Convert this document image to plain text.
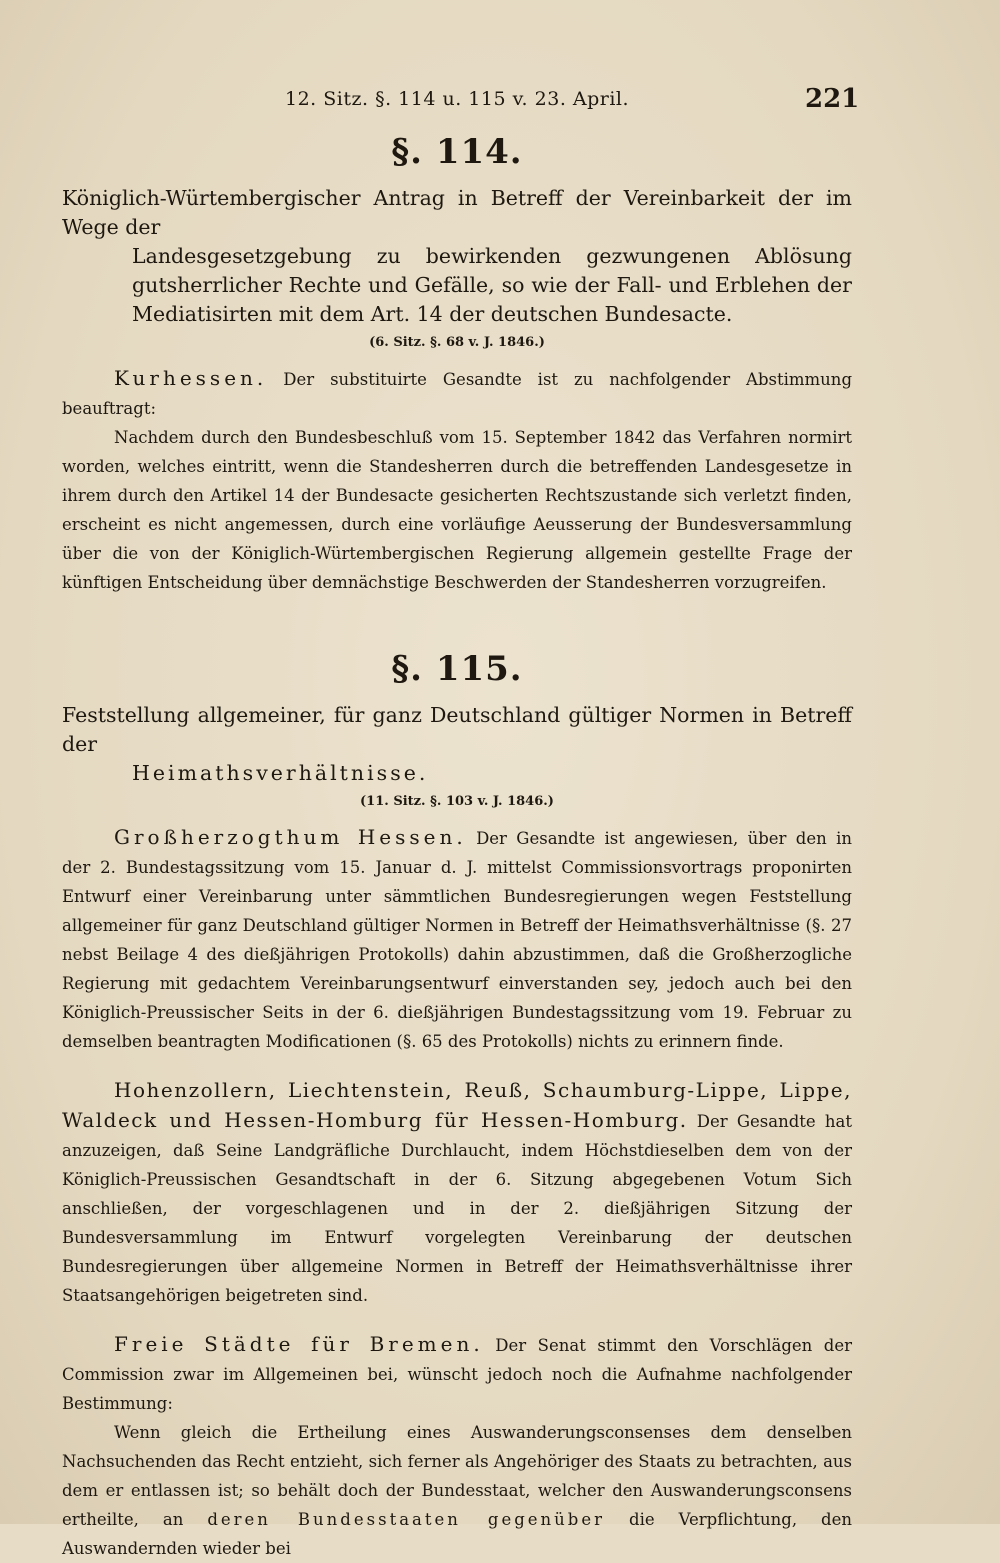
12. Sitz. §. 114 u. 115 v. 23. April.	221
§. 114.

Königlich-Würtembergischer Antrag in Betreff der Vereinbarkeit der im Wege der
Landesgesetzgebung zu bewirkenden gezwungenen Ablösung gutsherrlicher Rechte und Gefälle, so wie der Fall- und Erblehen der Mediatisirten mit dem Art. 14 der deutschen Bundesacte.

(6. Sitz. §. 68 v. J. 1846.)

Kurhessen. Der substituirte Gesandte ist zu nachfolgender Abstimmung beauftragt:

Nachdem durch den Bundesbeschluß vom 15. September 1842 das Verfahren normirt worden, welches eintritt, wenn die Standesherren durch die betreffenden Landesgesetze in ihrem durch den Artikel 14 der Bundesacte gesicherten Rechtszustande sich verletzt finden, erscheint es nicht angemessen, durch eine vorläufige Aeusserung der Bundesversammlung über die von der Königlich-Würtembergischen Regierung allgemein gestellte Frage der künftigen Entscheidung über demnächstige Beschwerden der Standesherren vorzugreifen.

§. 115.

Feststellung allgemeiner, für ganz Deutschland gültiger Normen in Betreff der
Heimathsverhältnisse.

(11. Sitz. §. 103 v. J. 1846.)

Großherzogthum Hessen. Der Gesandte ist angewiesen, über den in der 2. Bundestagssitzung vom 15. Januar d. J. mittelst Commissionsvortrags proponirten Entwurf einer Vereinbarung unter sämmtlichen Bundesregierungen wegen Feststellung allgemeiner für ganz Deutschland gültiger Normen in Betreff der Heimathsverhältnisse (§. 27 nebst Beilage 4 des dießjährigen Protokolls) dahin abzustimmen, daß die Großherzogliche Regierung mit gedachtem Vereinbarungsentwurf einverstanden sey, jedoch auch bei den Königlich-Preussischer Seits in der 6. dießjährigen Bundestagssitzung vom 19. Februar zu demselben beantragten Modificationen (§. 65 des Protokolls) nichts zu erinnern finde.

Hohenzollern, Liechtenstein, Reuß, Schaumburg-Lippe, Lippe, Waldeck und Hessen-Homburg für Hessen-Homburg. Der Gesandte hat anzuzeigen, daß Seine Landgräfliche Durchlaucht, indem Höchstdieselben dem von der Königlich-Preussischen Gesandtschaft in der 6. Sitzung abgegebenen Votum Sich anschließen, der vorgeschlagenen und in der 2. dießjährigen Sitzung der Bundesversammlung im Entwurf vorgelegten Vereinbarung der deutschen Bundesregierungen über allgemeine Normen in Betreff der Heimathsverhältnisse ihrer Staatsangehörigen beigetreten sind.

Freie Städte für Bremen. Der Senat stimmt den Vorschlägen der Commission zwar im Allgemeinen bei, wünscht jedoch noch die Aufnahme nachfolgender Bestimmung:

Wenn gleich die Ertheilung eines Auswanderungsconsenses dem denselben Nachsuchenden das Recht entzieht, sich ferner als Angehöriger des Staats zu betrachten, aus dem er entlassen ist; so behält doch der Bundesstaat, welcher den Auswanderungsconsens ertheilte, an deren Bundesstaaten gegenüber die Verpflichtung, den Auswandernden wieder bei
